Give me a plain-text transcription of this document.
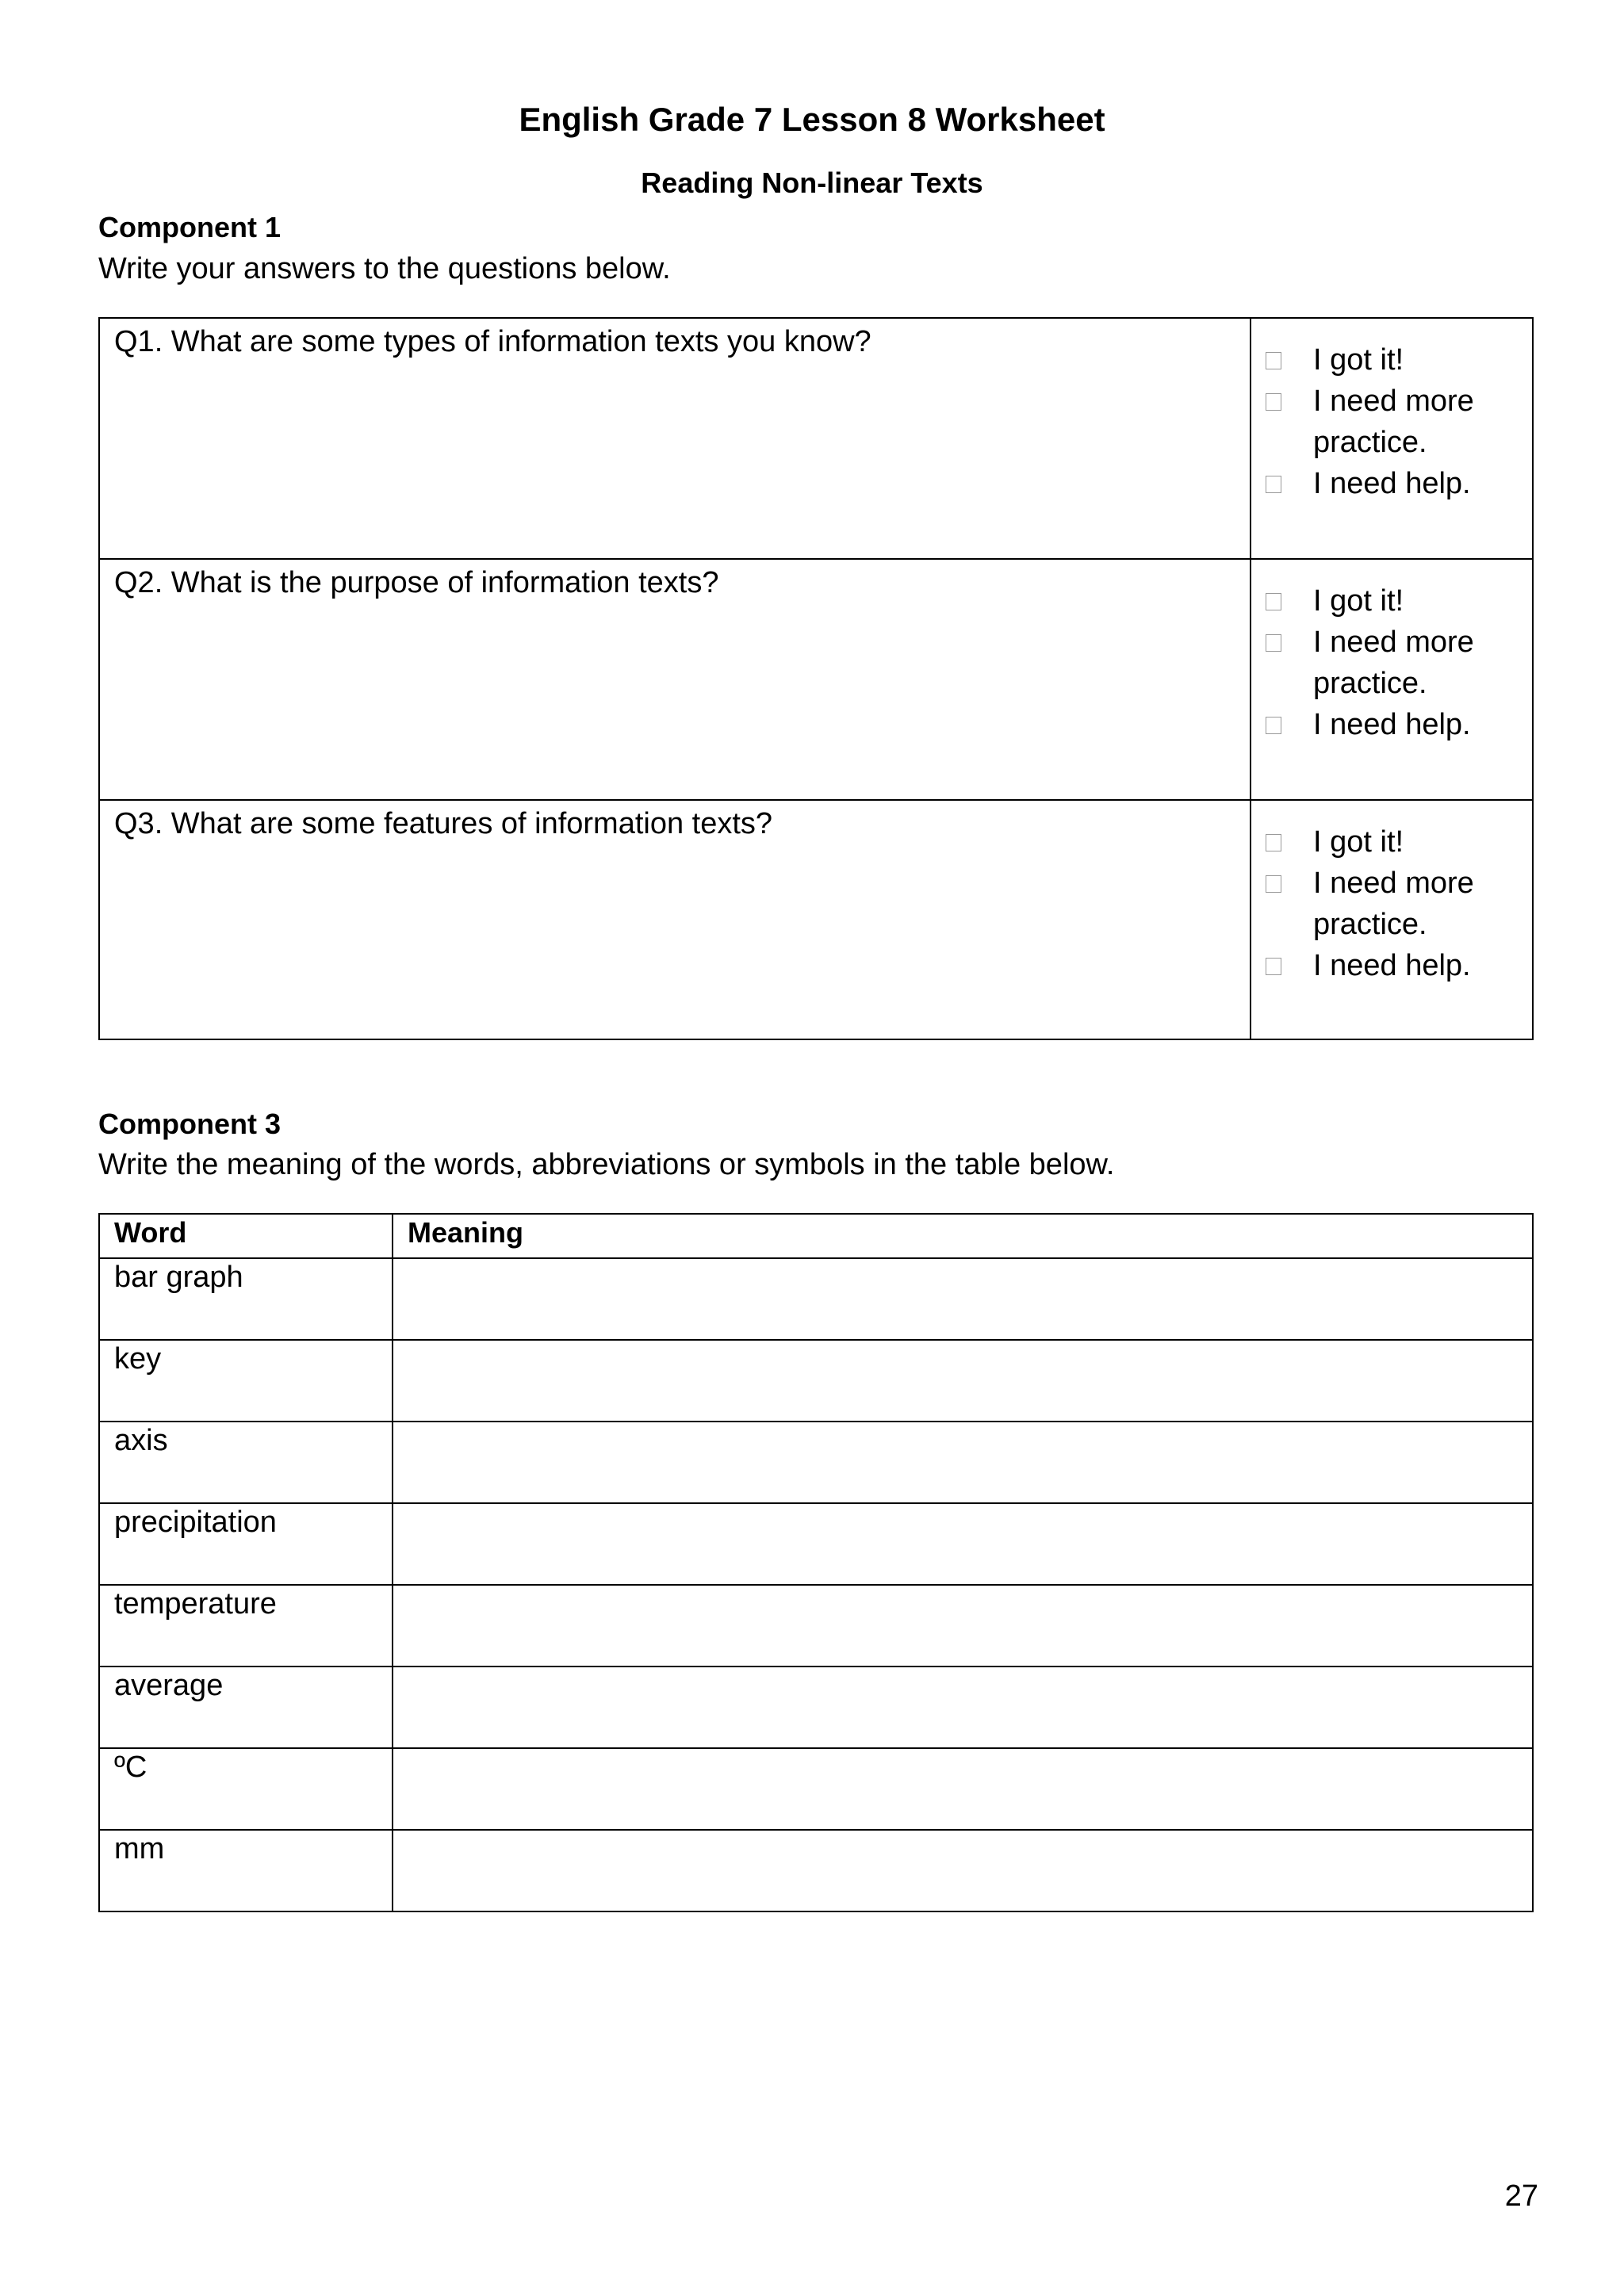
English Grade 7 Lesson 8 Worksheet
Reading Non-linear Texts
Component 1
Write your answers to the questions below.
Q1. What are some types of information texts you know?	I got it!
I need more practice.
I need help.

Q2. What is the purpose of information texts?	I got it!
I need more practice.
I need help.

Q3. What are some features of information texts?	I got it!
I need more practice.
I need help.
Component 3
Write the meaning of the words, abbreviations or symbols in the table below.
Word	Meaning
bar graph	
key	
axis	
precipitation	
temperature	
average	
ºC	
mm	
27
